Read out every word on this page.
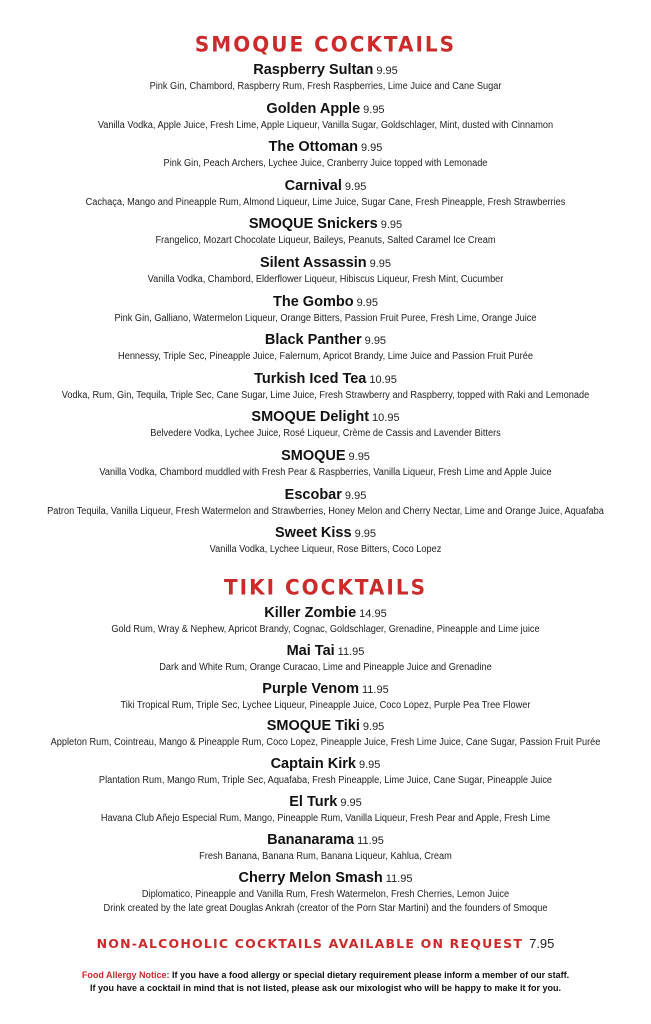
SMOQUE COCKTAILS
Raspberry Sultan 9.95
Pink Gin, Chambord, Raspberry Rum, Fresh Raspberries, Lime Juice and Cane Sugar
Golden Apple 9.95
Vanilla Vodka, Apple Juice, Fresh Lime, Apple Liqueur, Vanilla Sugar, Goldschlager, Mint, dusted with Cinnamon
The Ottoman 9.95
Pink Gin, Peach Archers, Lychee Juice, Cranberry Juice topped with Lemonade
Carnival 9.95
Cachaça, Mango and Pineapple Rum, Almond Liqueur, Lime Juice, Sugar Cane, Fresh Pineapple, Fresh Strawberries
SMOQUE Snickers 9.95
Frangelico, Mozart Chocolate Liqueur, Baileys, Peanuts, Salted Caramel Ice Cream
Silent Assassin 9.95
Vanilla Vodka, Chambord, Elderflower Liqueur, Hibiscus Liqueur, Fresh Mint, Cucumber
The Gombo 9.95
Pink Gin, Galliano, Watermelon Liqueur, Orange Bitters, Passion Fruit Puree, Fresh Lime, Orange Juice
Black Panther 9.95
Hennessy, Triple Sec, Pineapple Juice, Falernum, Apricot Brandy, Lime Juice and Passion Fruit Purée
Turkish Iced Tea 10.95
Vodka, Rum, Gin, Tequila, Triple Sec, Cane Sugar, Lime Juice, Fresh Strawberry and Raspberry, topped with Raki and Lemonade
SMOQUE Delight 10.95
Belvedere Vodka, Lychee Juice, Rosé Liqueur, Crème de Cassis and Lavender Bitters
SMOQUE 9.95
Vanilla Vodka, Chambord muddled with Fresh Pear & Raspberries, Vanilla Liqueur, Fresh Lime and Apple Juice
Escobar 9.95
Patron Tequila, Vanilla Liqueur, Fresh Watermelon and Strawberries, Honey Melon and Cherry Nectar, Lime and Orange Juice, Aquafaba
Sweet Kiss 9.95
Vanilla Vodka, Lychee Liqueur, Rose Bitters, Coco Lopez
TIKI COCKTAILS
Killer Zombie 14.95
Gold Rum, Wray & Nephew, Apricot Brandy, Cognac, Goldschlager, Grenadine, Pineapple and Lime juice
Mai Tai 11.95
Dark and White Rum, Orange Curacao, Lime and Pineapple Juice and Grenadine
Purple Venom 11.95
Tiki Tropical Rum, Triple Sec, Lychee Liqueur, Pineapple Juice, Coco Lopez, Purple Pea Tree Flower
SMOQUE Tiki 9.95
Appleton Rum, Cointreau, Mango & Pineapple Rum, Coco Lopez, Pineapple Juice, Fresh Lime Juice, Cane Sugar, Passion Fruit Purée
Captain Kirk 9.95
Plantation Rum, Mango Rum, Triple Sec, Aquafaba, Fresh Pineapple, Lime Juice, Cane Sugar, Pineapple Juice
El Turk 9.95
Havana Club Añejo Especial Rum, Mango, Pineapple Rum, Vanilla Liqueur, Fresh Pear and Apple, Fresh Lime
Bananarama 11.95
Fresh Banana, Banana Rum, Banana Liqueur, Kahlua, Cream
Cherry Melon Smash 11.95
Diplomatico, Pineapple and Vanilla Rum, Fresh Watermelon, Fresh Cherries, Lemon Juice
Drink created by the late great Douglas Ankrah (creator of the Porn Star Martini) and the founders of Smoque
NON-ALCOHOLIC COCKTAILS AVAILABLE ON REQUEST 7.95
Food Allergy Notice: If you have a food allergy or special dietary requirement please inform a member of our staff.
If you have a cocktail in mind that is not listed, please ask our mixologist who will be happy to make it for you.
